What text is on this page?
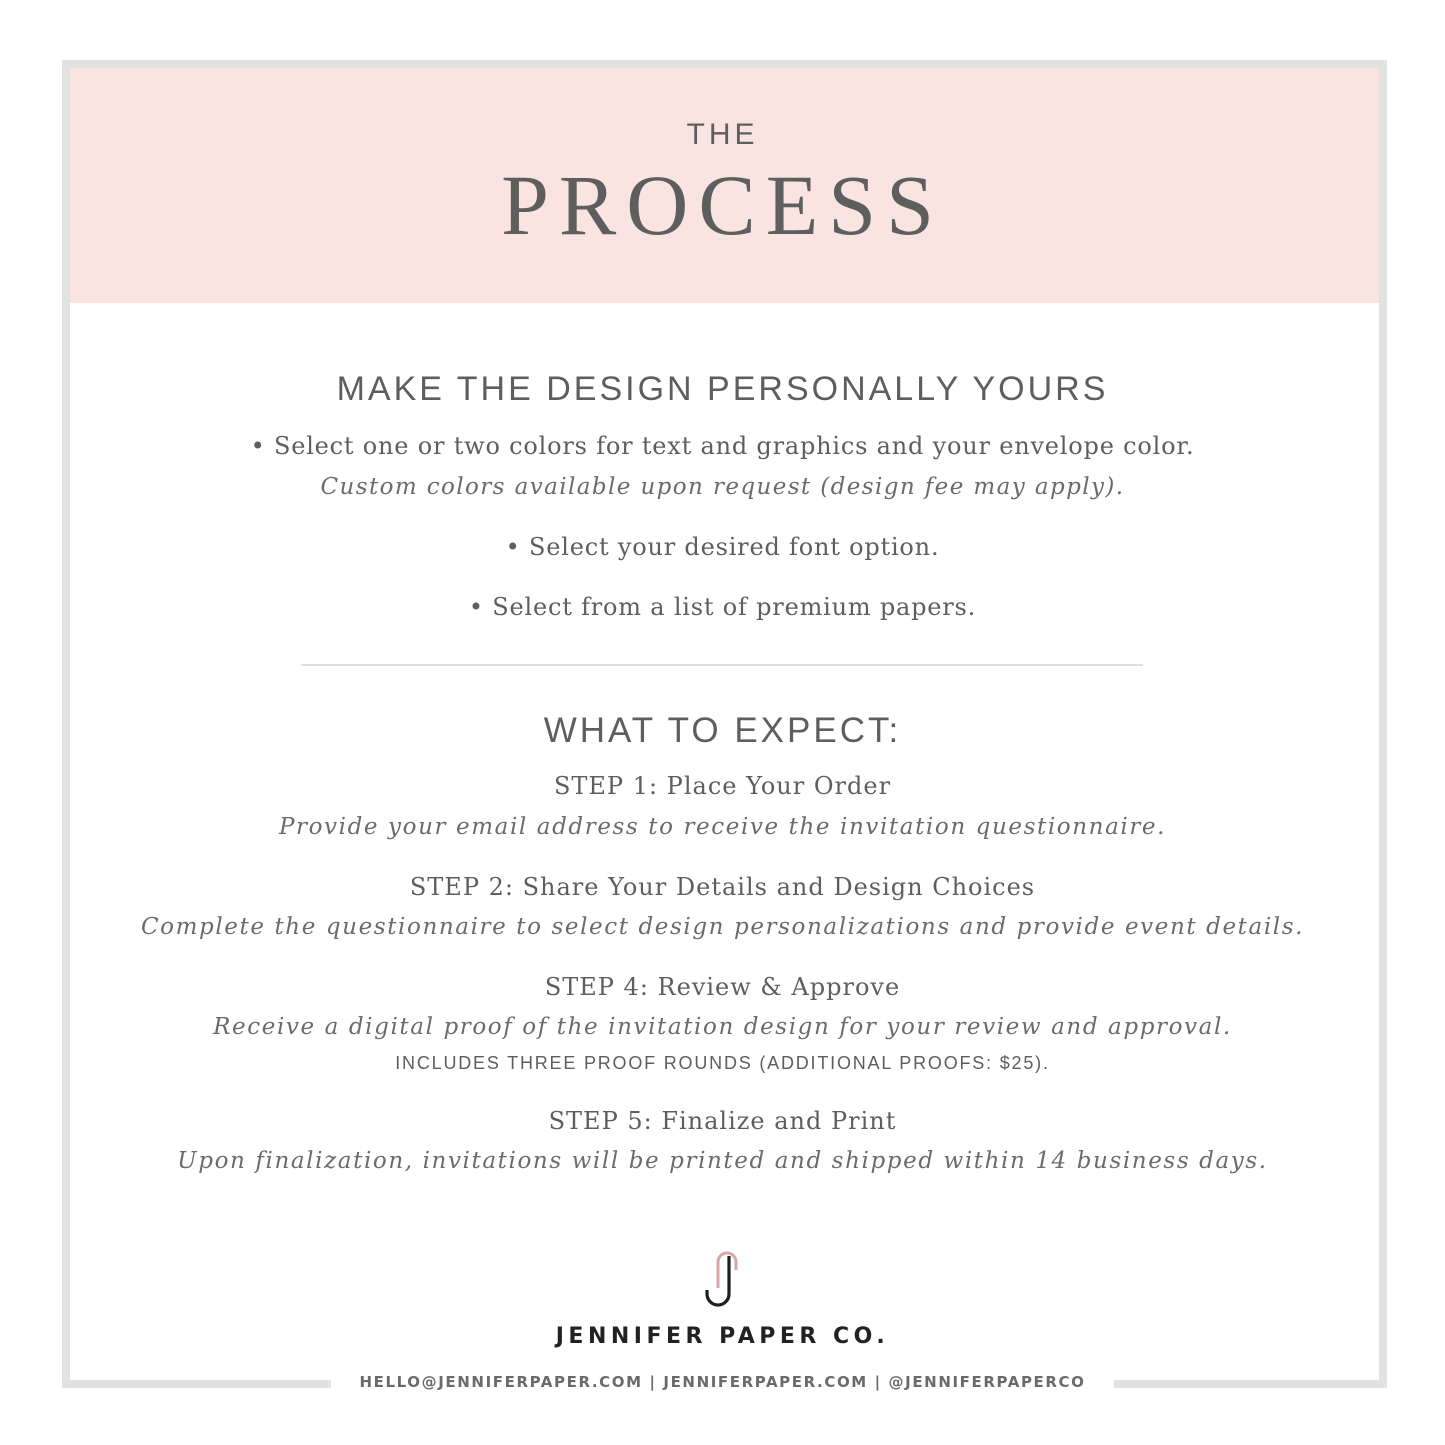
THE
PROCESS
MAKE THE DESIGN PERSONALLY YOURS
• Select one or two colors for text and graphics and your envelope color.
Custom colors available upon request (design fee may apply).
• Select your desired font option.
• Select from a list of premium papers.
WHAT TO EXPECT:
STEP 1: Place Your Order
Provide your email address to receive the invitation questionnaire.
STEP 2: Share Your Details and Design Choices
Complete the questionnaire to select design personalizations and provide event details.
STEP 4: Review & Approve
Receive a digital proof of the invitation design for your review and approval.
INCLUDES THREE PROOF ROUNDS (ADDITIONAL PROOFS: $25).
STEP 5: Finalize and Print
Upon finalization, invitations will be printed and shipped within 14 business days.
JENNIFER PAPER CO.
HELLO@JENNIFERPAPER.COM | JENNIFERPAPER.COM | @JENNIFERPAPERCO
